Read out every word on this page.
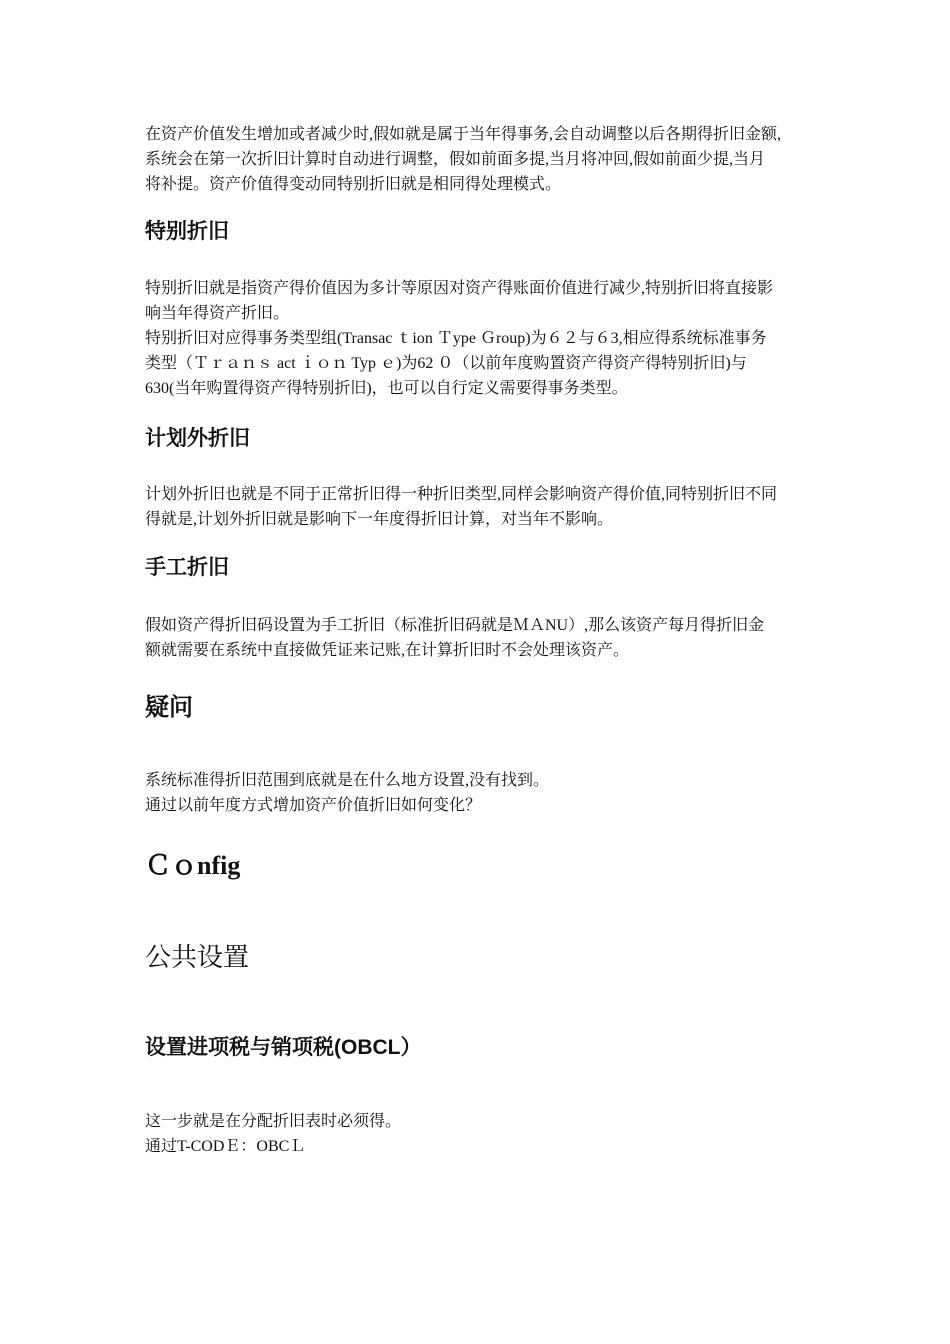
在资产价值发生增加或者减少时,假如就是属于当年得事务,会自动调整以后各期得折旧金额,
系统会在第一次折旧计算时自动进行调整，假如前面多提,当月将冲回,假如前面少提,当月
将补提。资产价值得变动同特别折旧就是相同得处理模式。
特别折旧
特别折旧就是指资产得价值因为多计等原因对资产得账面价值进行减少,特别折旧将直接影
响当年得资产折旧。
特别折旧对应得事务类型组(Transac ｔion Ｔype Ｇroup)为６２与６3,相应得系统标准事务
类型（Ｔｒａｎｓ act ｉｏｎ Typ ｅ)为62 ０（以前年度购置资产得资产得特别折旧)与
630(当年购置得资产得特别折旧)，也可以自行定义需要得事务类型。
计划外折旧
计划外折旧也就是不同于正常折旧得一种折旧类型,同样会影响资产得价值,同特别折旧不同
得就是,计划外折旧就是影响下一年度得折旧计算，对当年不影响。
手工折旧
假如资产得折旧码设置为手工折旧（标准折旧码就是ＭＡNU）,那么该资产每月得折旧金
额就需要在系统中直接做凭证来记账,在计算折旧时不会处理该资产。
疑问
系统标准得折旧范围到底就是在什么地方设置,没有找到。
通过以前年度方式增加资产价值折旧如何变化？
Ｃｏnfig
公共设置
设置进项税与销项税(OBCL）
这一步就是在分配折旧表时必须得。
通过T-CODＥ：OBCＬ
